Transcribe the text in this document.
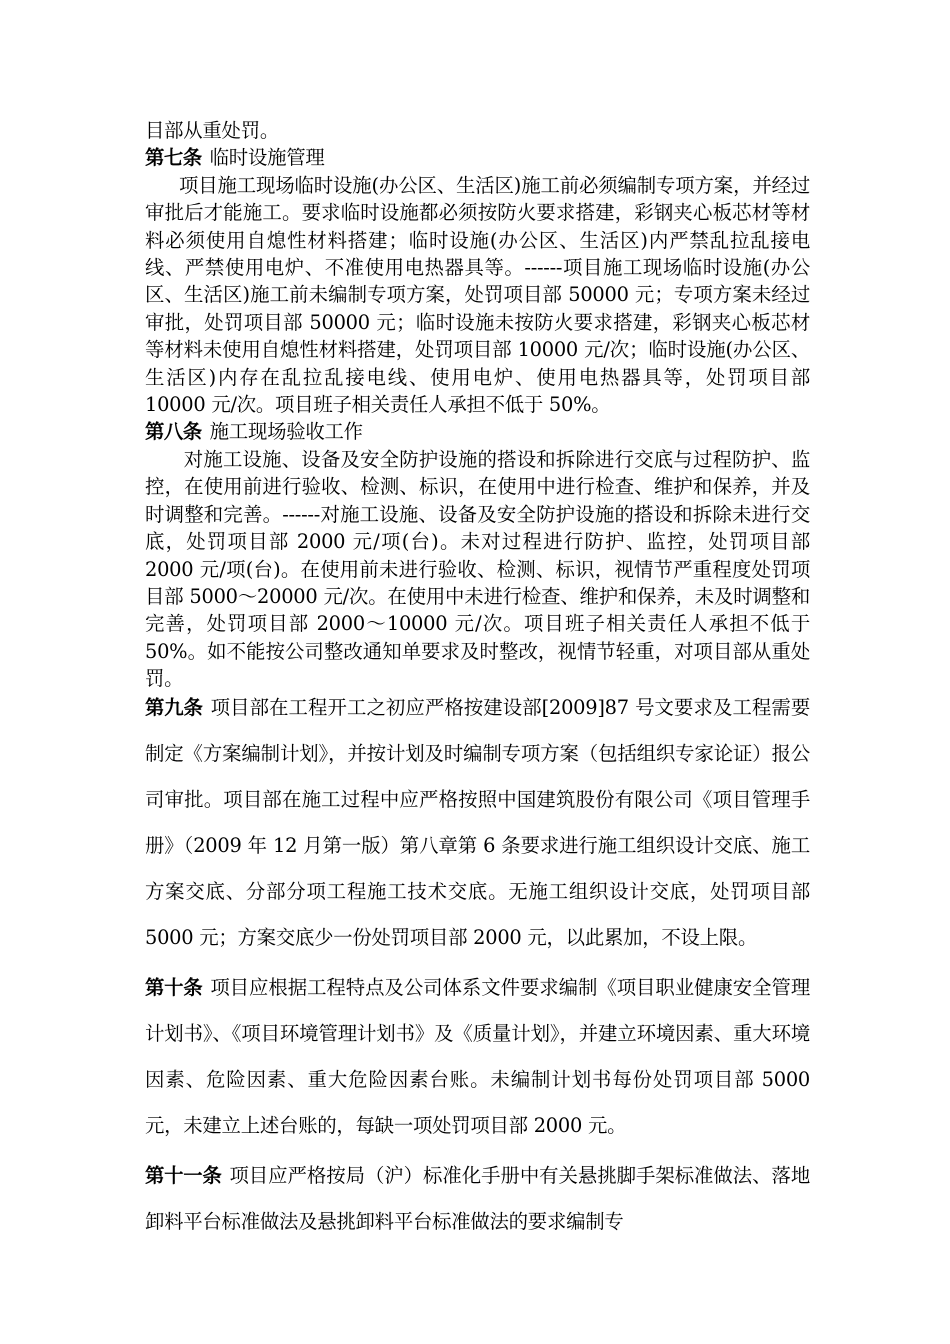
目部从重处罚。

第七条 临时设施管理

项目施工现场临时设施(办公区、生活区)施工前必须编制专项方案，并经过审批后才能施工。要求临时设施都必须按防火要求搭建，彩钢夹心板芯材等材料必须使用自熄性材料搭建；临时设施(办公区、生活区)内严禁乱拉乱接电线、严禁使用电炉、不准使用电热器具等。------项目施工现场临时设施(办公区、生活区)施工前未编制专项方案，处罚项目部 50000 元；专项方案未经过审批，处罚项目部 50000 元；临时设施未按防火要求搭建，彩钢夹心板芯材等材料未使用自熄性材料搭建，处罚项目部 10000 元/次；临时设施(办公区、生活区)内存在乱拉乱接电线、使用电炉、使用电热器具等，处罚项目部 10000 元/次。项目班子相关责任人承担不低于 50%。

第八条 施工现场验收工作

对施工设施、设备及安全防护设施的搭设和拆除进行交底与过程防护、监控，在使用前进行验收、检测、标识，在使用中进行检查、维护和保养，并及时调整和完善。------对施工设施、设备及安全防护设施的搭设和拆除未进行交底，处罚项目部 2000 元/项(台)。未对过程进行防护、监控，处罚项目部 2000 元/项(台)。在使用前未进行验收、检测、标识，视情节严重程度处罚项目部 5000～20000 元/次。在使用中未进行检查、维护和保养，未及时调整和完善，处罚项目部 2000～10000 元/次。项目班子相关责任人承担不低于 50%。如不能按公司整改通知单要求及时整改，视情节轻重，对项目部从重处罚。

第九条 项目部在工程开工之初应严格按建设部[2009]87 号文要求及工程需要制定《方案编制计划》，并按计划及时编制专项方案（包括组织专家论证）报公司审批。项目部在施工过程中应严格按照中国建筑股份有限公司《项目管理手册》（2009 年 12 月第一版）第八章第 6 条要求进行施工组织设计交底、施工方案交底、分部分项工程施工技术交底。无施工组织设计交底，处罚项目部 5000 元；方案交底少一份处罚项目部 2000 元，以此累加，不设上限。

第十条 项目应根据工程特点及公司体系文件要求编制《项目职业健康安全管理计划书》、《项目环境管理计划书》及《质量计划》，并建立环境因素、重大环境因素、危险因素、重大危险因素台账。未编制计划书每份处罚项目部 5000 元，未建立上述台账的，每缺一项处罚项目部 2000 元。

第十一条 项目应严格按局（沪）标准化手册中有关悬挑脚手架标准做法、落地卸料平台标准做法及悬挑卸料平台标准做法的要求编制专
